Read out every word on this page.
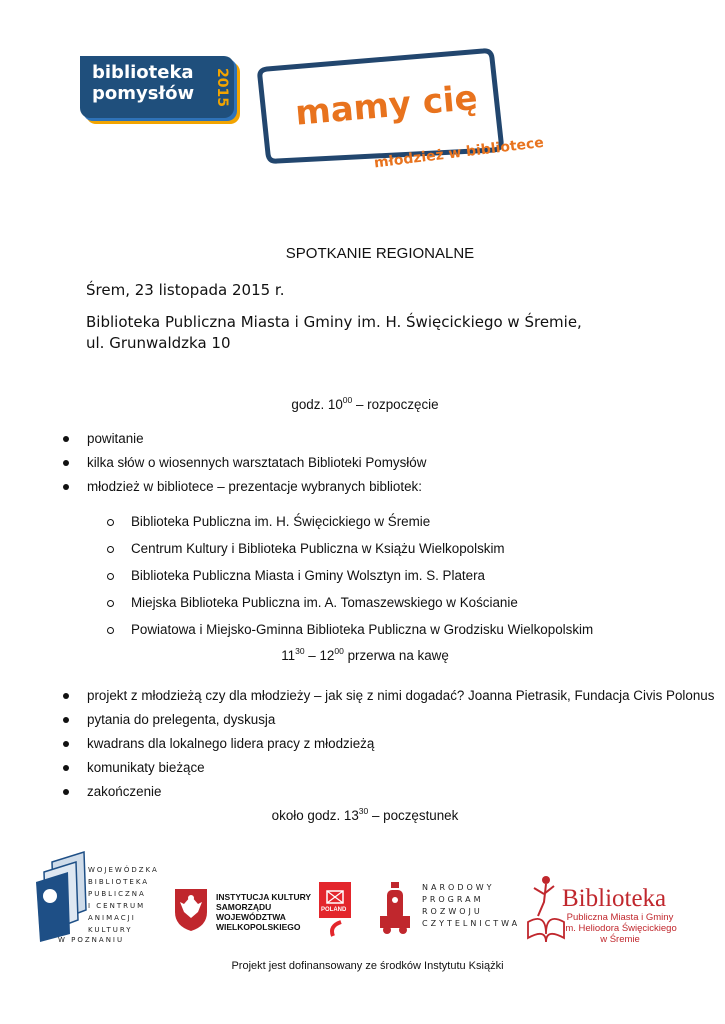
biblioteka
pomysłów 2015 mamy cię
młodzież w bibliotece
SPOTKANIE REGIONALNE
Śrem, 23 listopada 2015 r.
Biblioteka Publiczna Miasta i Gminy im. H. Święcickiego w Śremie,
ul. Grunwaldzka 10
godz. $10^{00}$ – rozpoczęcie
powitanie
kilka słów o wiosennych warsztatach Biblioteki Pomysłów
młodzież w bibliotece – prezentacje wybranych bibliotek:
Biblioteka Publiczna im. H. Święcickiego w Śremie
Centrum Kultury i Biblioteka Publiczna w Książu Wielkopolskim
Biblioteka Publiczna Miasta i Gminy Wolsztyn im. S. Platera
Miejska Biblioteka Publiczna im. A. Tomaszewskiego w Kościanie
Powiatowa i Miejsko-Gminna Biblioteka Publiczna w Grodzisku Wielkopolskim
$11^{30} - 12^{00}$ przerwa na kawę
projekt z młodzieżą czy dla młodzieży – jak się z nimi dogadać? Joanna Pietrasik, Fundacja Civis Polonus
pytania do prelegenta, dyskusja
kwadrans dla lokalnego lidera pracy z młodzieżą
komunikaty bieżące
zakończenie
około godz. $13^{30}$ – poczęstunek
WOJEWÓDZKA
BIBLIOTEKA
PUBLICZNA
I CENTRUM
ANIMACJI
KULTURY
W POZNANIU
INSTYTUCJA KULTURY
SAMORZĄDU WOJEWÓDZTWA
WIELKOPOLSKIEGO
POLAND
NARODOWY
PROGRAM
ROZWOJU
CZYTELNICTWA
Biblioteka
Publiczna Miasta i Gminy
im. Heliodora Święcickiego
w Śremie
Projekt jest dofinansowany ze środków Instytutu Książki
